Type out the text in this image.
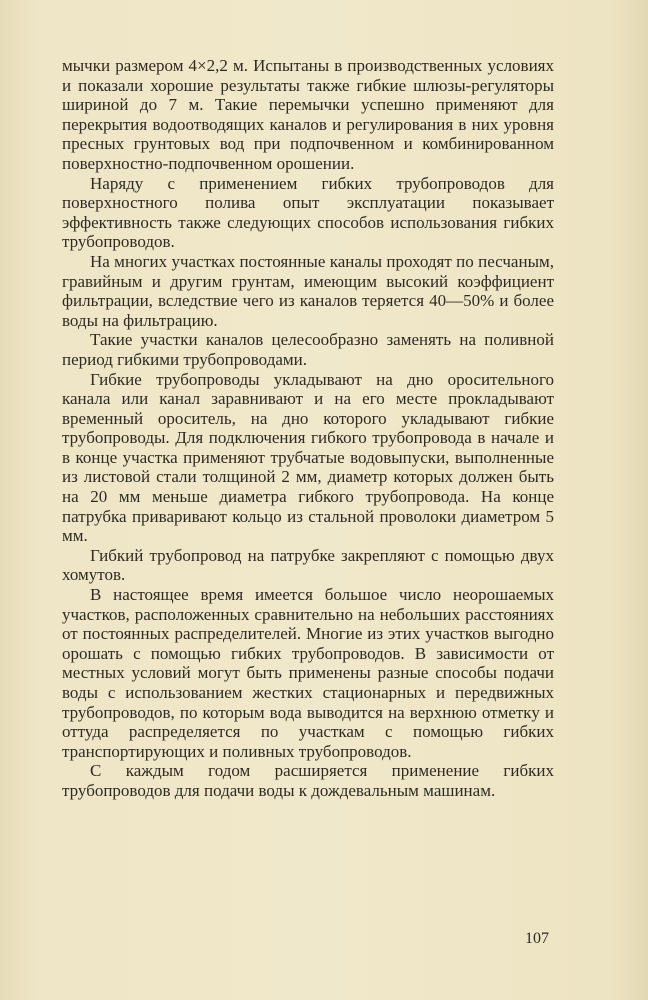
мычки размером 4×2,2 м. Испытаны в производственных условиях и показали хорошие результаты также гибкие шлюзы-регуляторы шириной до 7 м. Такие перемычки успешно применяют для перекрытия водоотводящих каналов и регулирования в них уровня пресных грунтовых вод при подпочвенном и комбинированном поверхностно-подпочвенном орошении.

Наряду с применением гибких трубопроводов для поверхностного полива опыт эксплуатации показывает эффективность также следующих способов использования гибких трубопроводов.

На многих участках постоянные каналы проходят по песчаным, гравийным и другим грунтам, имеющим высокий коэффициент фильтрации, вследствие чего из каналов теряется 40—50% и более воды на фильтрацию.

Такие участки каналов целесообразно заменять на поливной период гибкими трубопроводами.

Гибкие трубопроводы укладывают на дно оросительного канала или канал заравнивают и на его месте прокладывают временный ороситель, на дно которого укладывают гибкие трубопроводы. Для подключения гибкого трубопровода в начале и в конце участка применяют трубчатые водовыпуски, выполненные из листовой стали толщиной 2 мм, диаметр которых должен быть на 20 мм меньше диаметра гибкого трубопровода. На конце патрубка приваривают кольцо из стальной проволоки диаметром 5 мм.

Гибкий трубопровод на патрубке закрепляют с помощью двух хомутов.

В настоящее время имеется большое число неорошаемых участков, расположенных сравнительно на небольших расстояниях от постоянных распределителей. Многие из этих участков выгодно орошать с помощью гибких трубопроводов. В зависимости от местных условий могут быть применены разные способы подачи воды с использованием жестких стационарных и передвижных трубопроводов, по которым вода выводится на верхнюю отметку и оттуда распределяется по участкам с помощью гибких транспортирующих и поливных трубопроводов.

С каждым годом расширяется применение гибких трубопроводов для подачи воды к дождевальным машинам.

107
